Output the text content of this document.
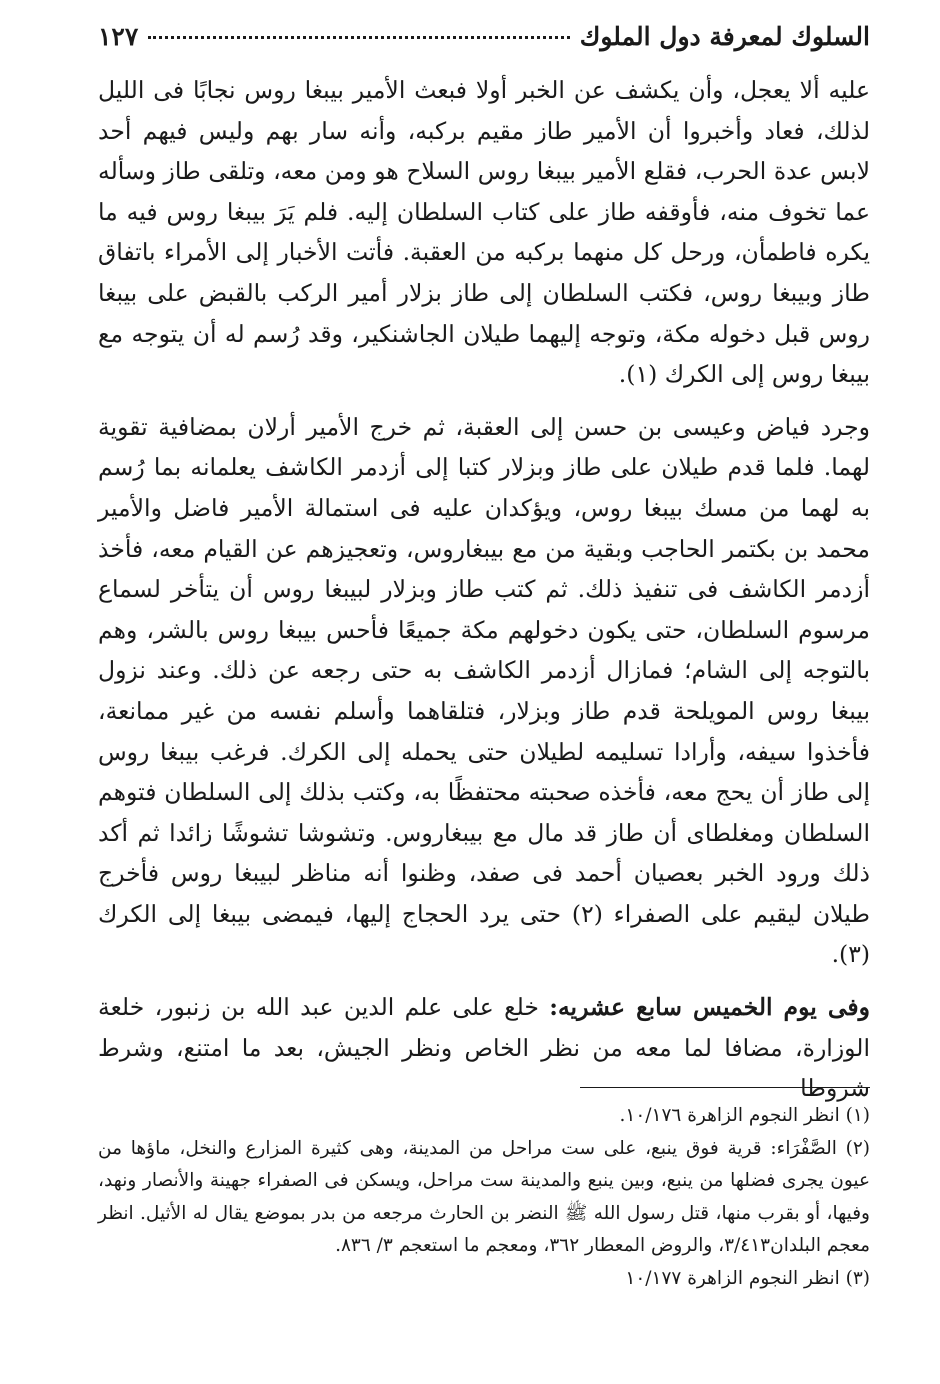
السلوك لمعرفة دول الملوك
١٢٧

عليه ألا يعجل، وأن يكشف عن الخبر أولا فبعث الأمير بيبغا روس نجابًا فى الليل لذلك، فعاد وأخبروا أن الأمير طاز مقيم بركبه، وأنه سار بهم وليس فيهم أحد لابس عدة الحرب، فقلع الأمير بيبغا روس السلاح هو ومن معه، وتلقى طاز وسأله عما تخوف منه، فأوقفه طاز على كتاب السلطان إليه. فلم يَرَ بيبغا روس فيه ما يكره فاطمأن، ورحل كل منهما بركبه من العقبة. فأتت الأخبار إلى الأمراء باتفاق طاز وبيبغا روس، فكتب السلطان إلى طاز بزلار أمير الركب بالقبض على بيبغا روس قبل دخوله مكة، وتوجه إليهما طيلان الجاشنكير، وقد رُسم له أن يتوجه مع بيبغا روس إلى الكرك (١).

وجرد فياض وعيسى بن حسن إلى العقبة، ثم خرج الأمير أرلان بمضافية تقوية لهما. فلما قدم طيلان على طاز وبزلار كتبا إلى أزدمر الكاشف يعلمانه بما رُسم به لهما من مسك بيبغا روس، ويؤكدان عليه فى استمالة الأمير فاضل والأمير محمد بن بكتمر الحاجب وبقية من مع بيبغاروس، وتعجيزهم عن القيام معه، فأخذ أزدمر الكاشف فى تنفيذ ذلك. ثم كتب طاز وبزلار لبيبغا روس أن يتأخر لسماع مرسوم السلطان، حتى يكون دخولهم مكة جميعًا فأحس بيبغا روس بالشر، وهم بالتوجه إلى الشام؛ فمازال أزدمر الكاشف به حتى رجعه عن ذلك. وعند نزول بيبغا روس المويلحة قدم طاز وبزلار، فتلقاهما وأسلم نفسه من غير ممانعة، فأخذوا سيفه، وأرادا تسليمه لطيلان حتى يحمله إلى الكرك. فرغب بيبغا روس إلى طاز أن يحج معه، فأخذه صحبته محتفظًا به، وكتب بذلك إلى السلطان فتوهم السلطان ومغلطاى أن طاز قد مال مع بيبغاروس. وتشوشا تشوشًا زائدا ثم أكد ذلك ورود الخبر بعصيان أحمد فى صفد، وظنوا أنه مناظر لبيبغا روس فأخرج طيلان ليقيم على الصفراء (٢) حتى يرد الحجاج إليها، فيمضى بيبغا إلى الكرك (٣).

وفى يوم الخميس سابع عشريه: خلع على علم الدين عبد الله بن زنبور، خلعة الوزارة، مضافا لما معه من نظر الخاص ونظر الجيش، بعد ما امتنع، وشرط شروطا

(١) انظر النجوم الزاهرة ١٠/١٧٦.

(٢) الصَّفْرَاء: قرية فوق ينبع، على ست مراحل من المدينة، وهى كثيرة المزارع والنخل، ماؤها من عيون يجرى فضلها من ينبع، وبين ينبع والمدينة ست مراحل، ويسكن فى الصفراء جهينة والأنصار ونهد، وفيها، أو بقرب منها، قتل رسول الله ﷺ النضر بن الحارث مرجعه من بدر بموضع يقال له الأثيل. انظر معجم البلدان٣/٤١٣، والروض المعطار ٣٦٢، ومعجم ما استعجم ٣/ ٨٣٦.

(٣) انظر النجوم الزاهرة ١٠/١٧٧
